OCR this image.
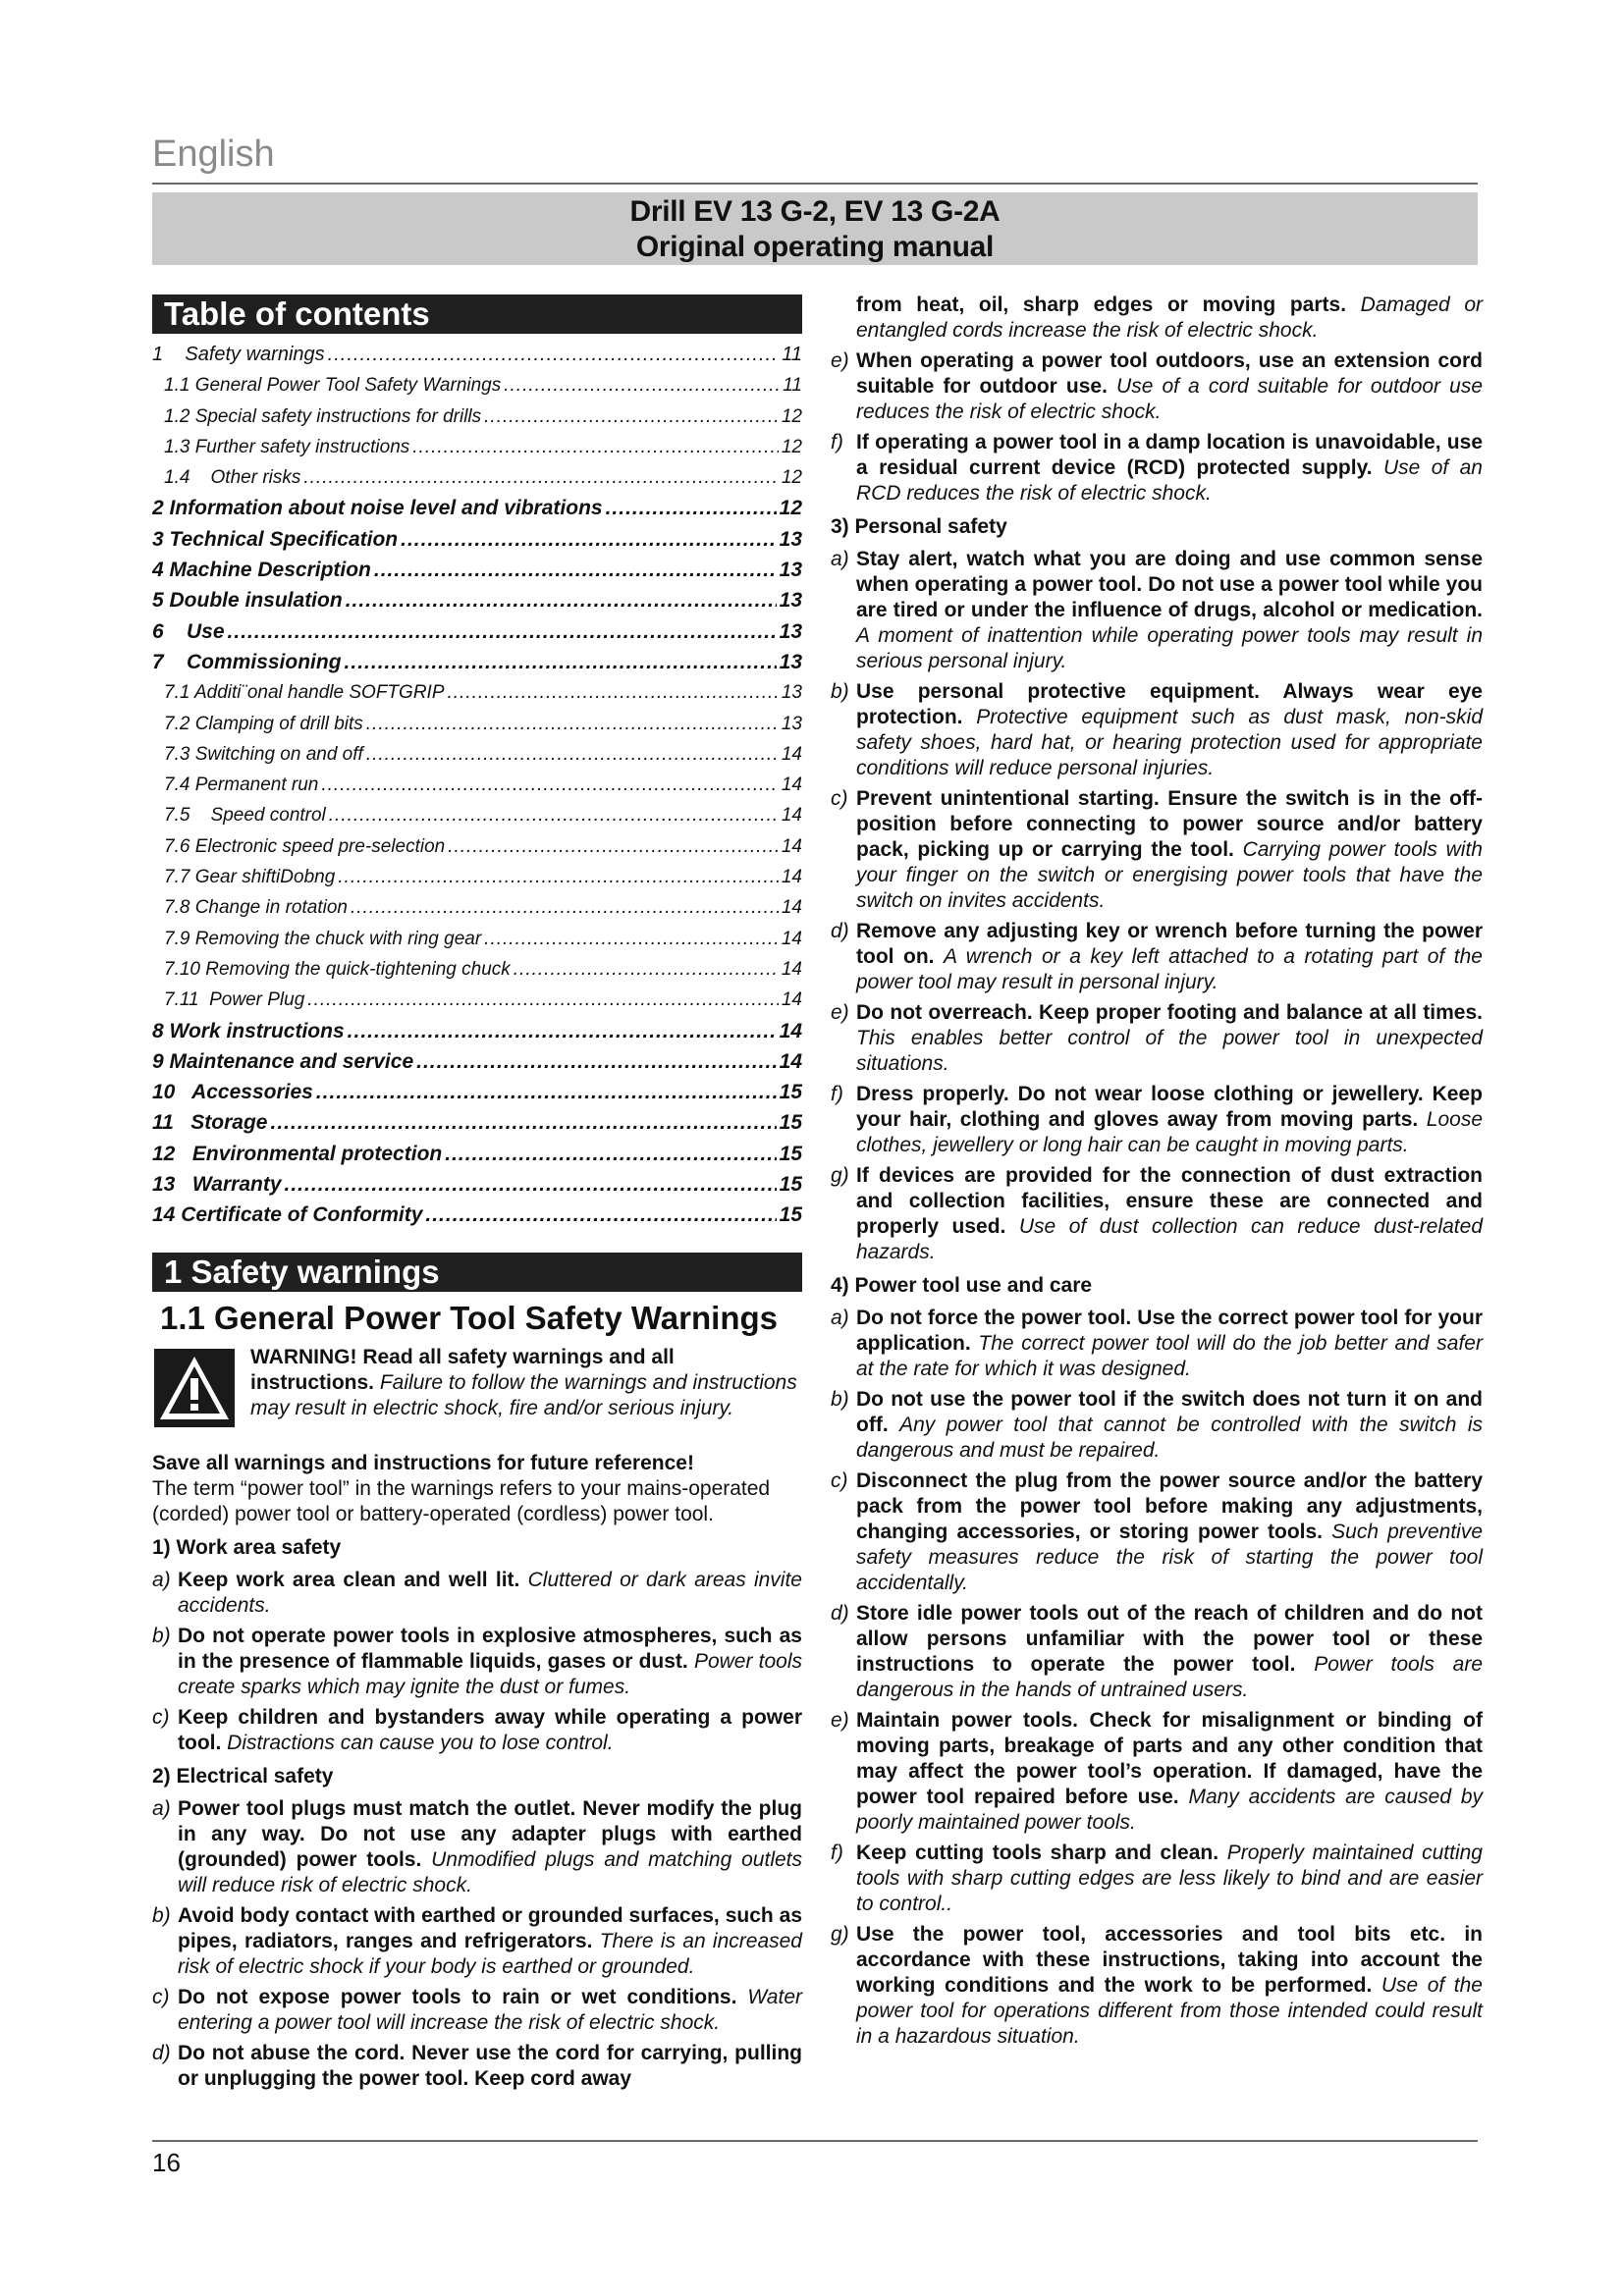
English
Drill EV 13 G-2, EV 13 G-2A
Original operating manual
Table of contents
1    Safety warnings .....	11
1.1 General Power Tool Safety Warnings .....	11
1.2 Special safety instructions for drills .....	12
1.3 Further safety instructions .....	12
1.4    Other risks .....	12
2 Information about noise level and vibrations .....	12
3 Technical Specification .....	13
4 Machine Description .....	13
5 Double insulation .....	13
6    Use .....	13
7    Commissioning .....	13
7.1 Additi¨onal handle SOFTGRIP .....	13
7.2 Clamping of drill bits .....	13
7.3 Switching on and off .....	14
7.4 Permanent run .....	14
7.5    Speed control .....	14
7.6 Electronic speed pre-selection .....	14
7.7 Gear shiftiDobng .....	14
7.8 Change in rotation .....	14
7.9 Removing the chuck with ring gear .....	14
7.10 Removing the quick-tightening chuck .....	14
7.11  Power Plug .....	14
8 Work instructions .....	14
9 Maintenance and service .....	14
10   Accessories .....	15
11   Storage .....	15
12   Environmental protection .....	15
13   Warranty .....	15
14 Certificate of Conformity .....	15
1 Safety warnings
1.1 General Power Tool Safety Warnings
WARNING! Read all safety warnings and all instructions. Failure to follow the warnings and instructions may result in electric shock, fire and/or serious injury.
Save all warnings and instructions for future reference!

The term “power tool” in the warnings refers to your mains-operated (corded) power tool or battery-operated (cordless) power tool.

1) Work area safety
a) Keep work area clean and well lit. Cluttered or dark areas invite accidents.
b) Do not operate power tools in explosive atmospheres, such as in the presence of flammable liquids, gases or dust. Power tools create sparks which may ignite the dust or fumes.
c) Keep children and bystanders away while operating a power tool. Distractions can cause you to lose control.
2) Electrical safety
a) Power tool plugs must match the outlet. Never modify the plug in any way. Do not use any adapter plugs with earthed (grounded) power tools. Unmodified plugs and matching outlets will reduce risk of electric shock.
b) Avoid body contact with earthed or grounded surfaces, such as pipes, radiators, ranges and refrigerators. There is an increased risk of electric shock if your body is earthed or grounded.
c) Do not expose power tools to rain or wet conditions. Water entering a power tool will increase the risk of electric shock.
d) Do not abuse the cord. Never use the cord for carrying, pulling or unplugging the power tool. Keep cord away
from heat, oil, sharp edges or moving parts. Damaged or entangled cords increase the risk of electric shock.
e) When operating a power tool outdoors, use an extension cord suitable for outdoor use. Use of a cord suitable for outdoor use reduces the risk of electric shock.
f) If operating a power tool in a damp location is unavoidable, use a residual current device (RCD) protected supply. Use of an RCD reduces the risk of electric shock.
3) Personal safety
a) Stay alert, watch what you are doing and use common sense when operating a power tool. Do not use a power tool while you are tired or under the influence of drugs, alcohol or medication. A moment of inattention while operating power tools may result in serious personal injury.
b) Use personal protective equipment. Always wear eye protection. Protective equipment such as dust mask, non-skid safety shoes, hard hat, or hearing protection used for appropriate conditions will reduce personal injuries.
c) Prevent unintentional starting. Ensure the switch is in the off-position before connecting to power source and/or battery pack, picking up or carrying the tool. Carrying power tools with your finger on the switch or energising power tools that have the switch on invites accidents.
d) Remove any adjusting key or wrench before turning the power tool on. A wrench or a key left attached to a rotating part of the power tool may result in personal injury.
e) Do not overreach. Keep proper footing and balance at all times. This enables better control of the power tool in unexpected situations.
f) Dress properly. Do not wear loose clothing or jewellery. Keep your hair, clothing and gloves away from moving parts. Loose clothes, jewellery or long hair can be caught in moving parts.
g) If devices are provided for the connection of dust extraction and collection facilities, ensure these are connected and properly used. Use of dust collection can reduce dust-related hazards.
4) Power tool use and care
a) Do not force the power tool. Use the correct power tool for your application. The correct power tool will do the job better and safer at the rate for which it was designed.
b) Do not use the power tool if the switch does not turn it on and off. Any power tool that cannot be controlled with the switch is dangerous and must be repaired.
c) Disconnect the plug from the power source and/or the battery pack from the power tool before making any adjustments, changing accessories, or storing power tools. Such preventive safety measures reduce the risk of starting the power tool accidentally.
d) Store idle power tools out of the reach of children and do not allow persons unfamiliar with the power tool or these instructions to operate the power tool. Power tools are dangerous in the hands of untrained users.
e) Maintain power tools. Check for misalignment or binding of moving parts, breakage of parts and any other condition that may affect the power tool’s operation. If damaged, have the power tool repaired before use. Many accidents are caused by poorly maintained power tools.
f) Keep cutting tools sharp and clean. Properly maintained cutting tools with sharp cutting edges are less likely to bind and are easier to control..
g) Use the power tool, accessories and tool bits etc. in accordance with these instructions, taking into account the working conditions and the work to be performed. Use of the power tool for operations different from those intended could result in a hazardous situation.
16
